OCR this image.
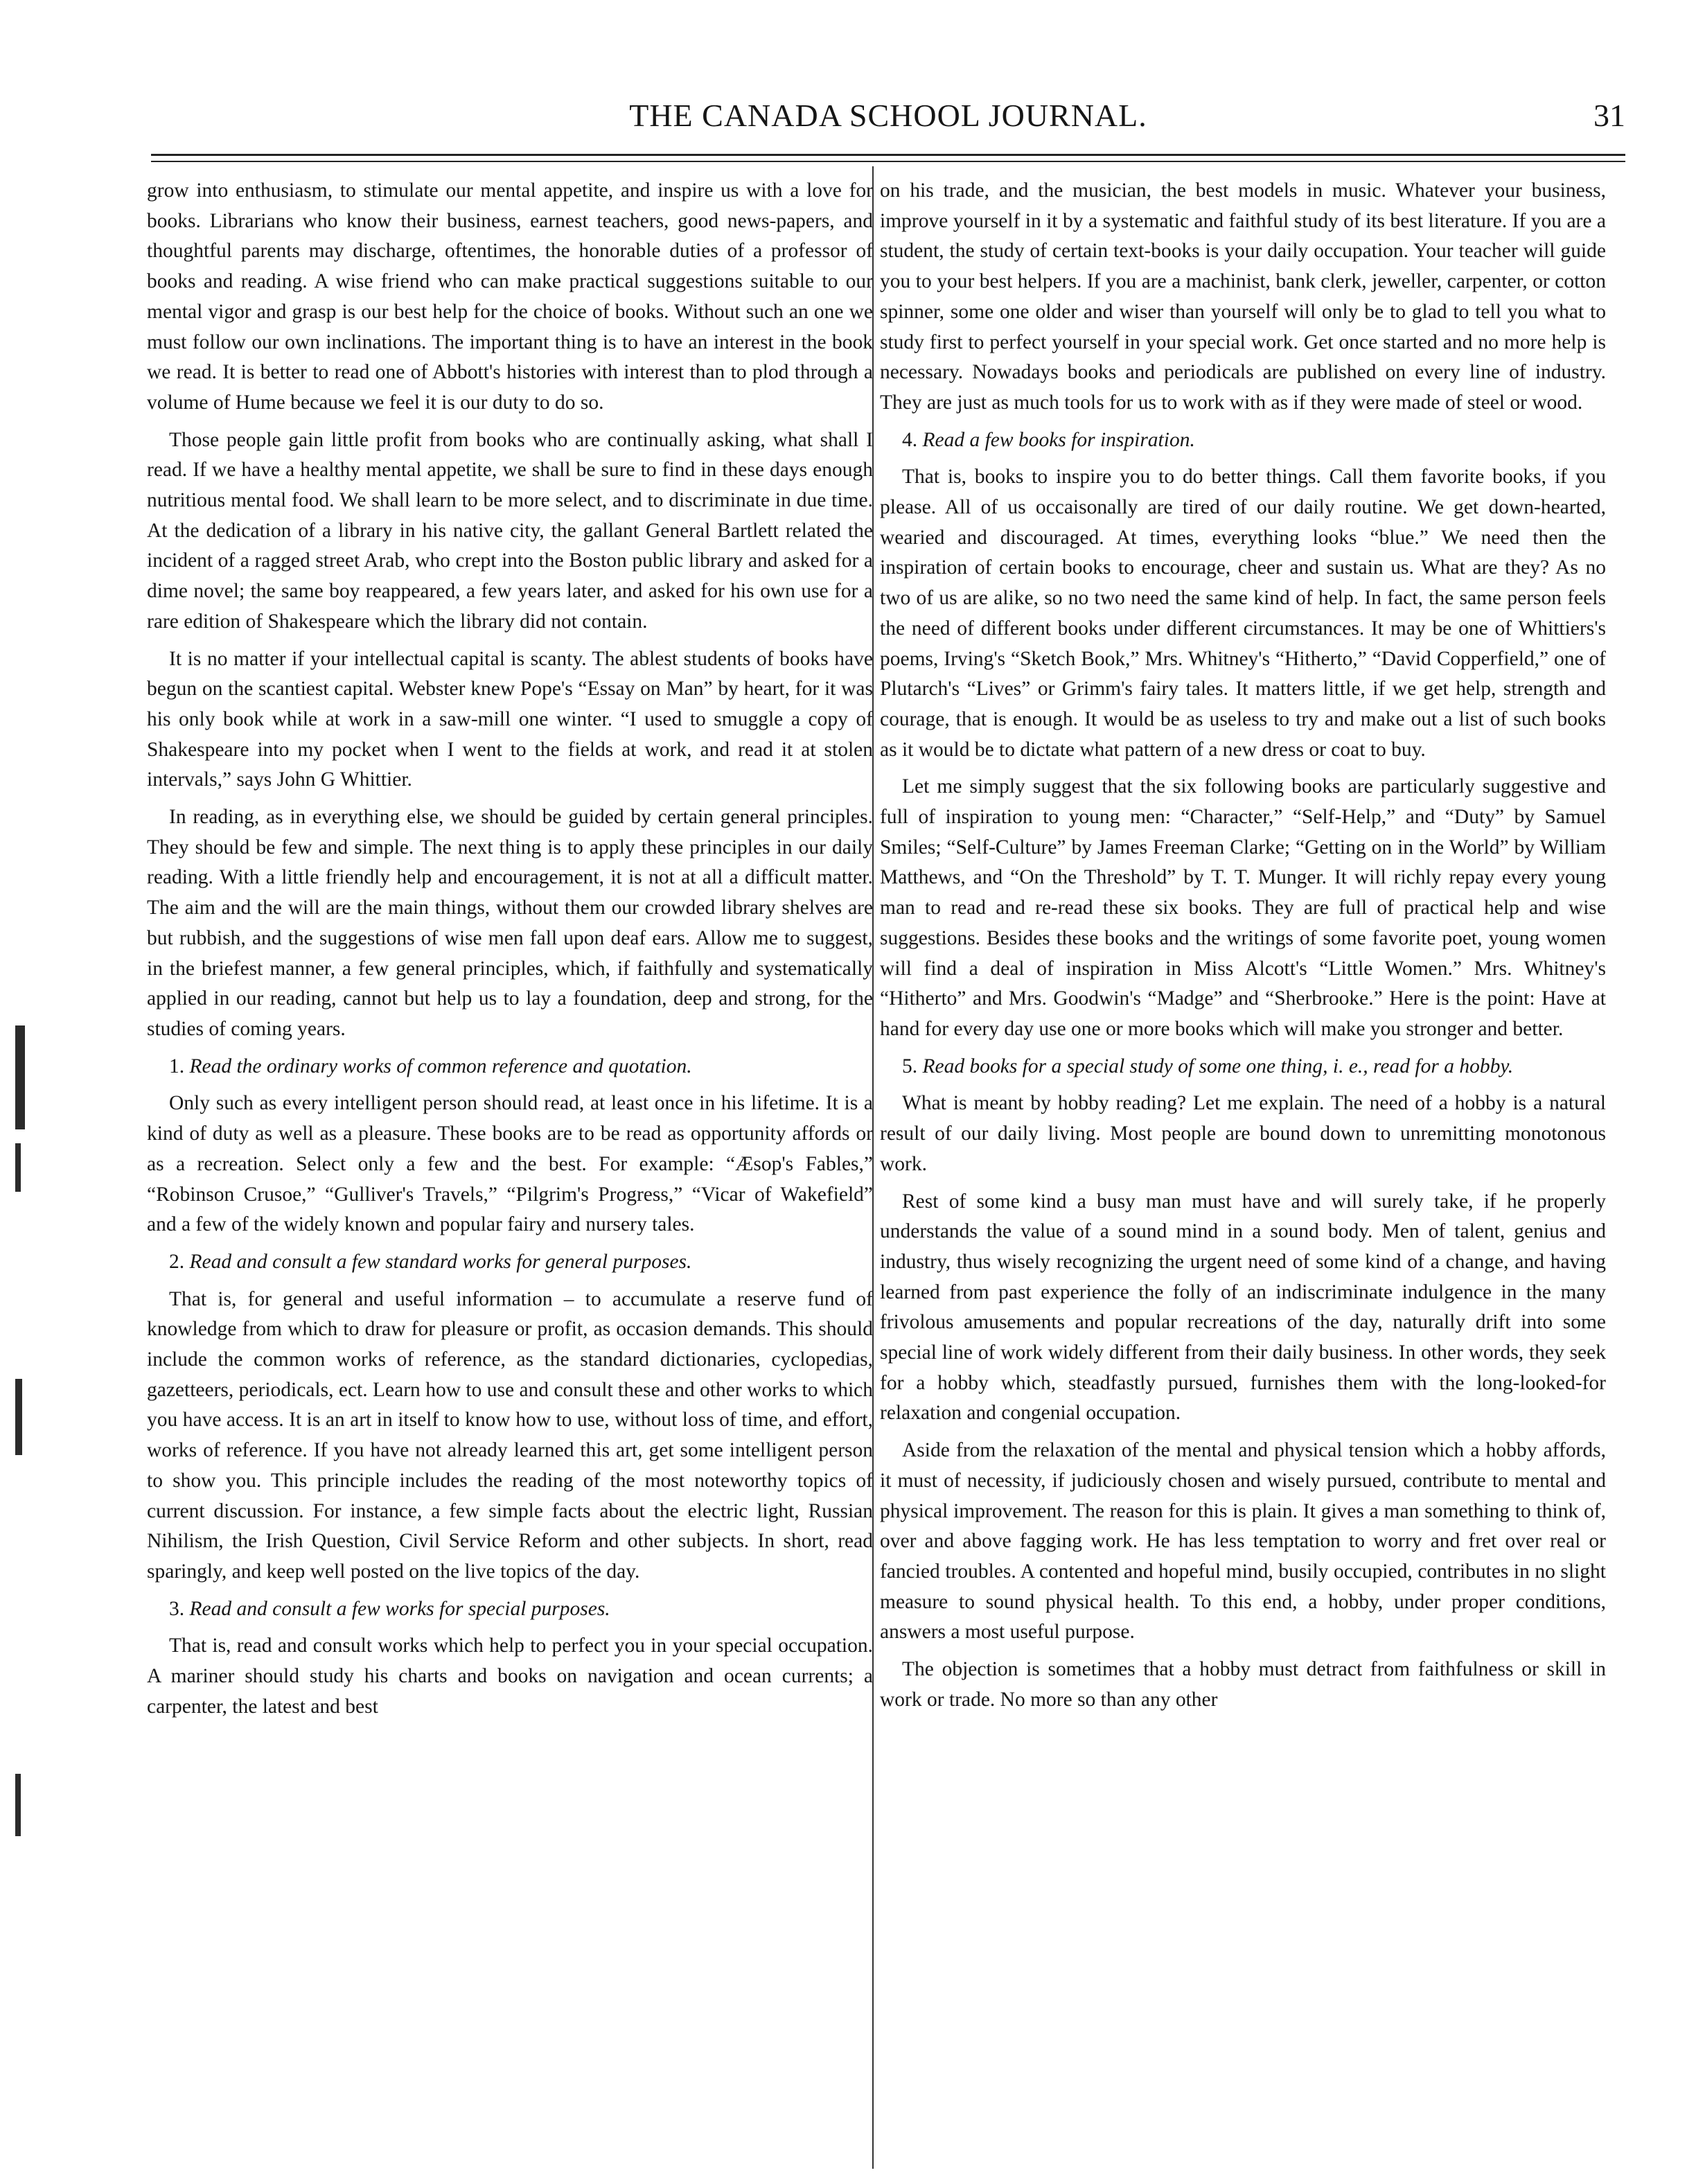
THE CANADA SCHOOL JOURNAL.	31

grow into enthusiasm, to stimulate our mental appetite, and inspire us with a love for books. Librarians who know their business, earnest teachers, good news-papers, and thoughtful parents may discharge, oftentimes, the honorable duties of a professor of books and reading. A wise friend who can make practical suggestions suitable to our mental vigor and grasp is our best help for the choice of books. Without such an one we must follow our own inclinations. The important thing is to have an interest in the book we read. It is better to read one of Abbott's histories with interest than to plod through a volume of Hume because we feel it is our duty to do so.

Those people gain little profit from books who are continually asking, what shall I read. If we have a healthy mental appetite, we shall be sure to find in these days enough nutritious mental food. We shall learn to be more select, and to discriminate in due time. At the dedication of a library in his native city, the gallant General Bartlett related the incident of a ragged street Arab, who crept into the Boston public library and asked for a dime novel; the same boy reappeared, a few years later, and asked for his own use for a rare edition of Shakespeare which the library did not contain.

It is no matter if your intellectual capital is scanty. The ablest students of books have begun on the scantiest capital. Webster knew Pope's “Essay on Man” by heart, for it was his only book while at work in a saw-mill one winter. “I used to smuggle a copy of Shakespeare into my pocket when I went to the fields at work, and read it at stolen intervals,” says John G Whittier.

In reading, as in everything else, we should be guided by certain general principles. They should be few and simple. The next thing is to apply these principles in our daily reading. With a little friendly help and encouragement, it is not at all a difficult matter. The aim and the will are the main things, without them our crowded library shelves are but rubbish, and the suggestions of wise men fall upon deaf ears. Allow me to suggest, in the briefest manner, a few general principles, which, if faithfully and systematically applied in our reading, cannot but help us to lay a foundation, deep and strong, for the studies of coming years.

1. Read the ordinary works of common reference and quotation.

Only such as every intelligent person should read, at least once in his lifetime. It is a kind of duty as well as a pleasure. These books are to be read as opportunity affords or as a recreation. Select only a few and the best. For example: “Æsop's Fables,” “Robinson Crusoe,” “Gulliver's Travels,” “Pilgrim's Progress,” “Vicar of Wakefield” and a few of the widely known and popular fairy and nursery tales.

2. Read and consult a few standard works for general purposes.

That is, for general and useful information – to accumulate a reserve fund of knowledge from which to draw for pleasure or profit, as occasion demands. This should include the common works of reference, as the standard dictionaries, cyclopedias, gazetteers, periodicals, ect. Learn how to use and consult these and other works to which you have access. It is an art in itself to know how to use, without loss of time, and effort, works of reference. If you have not already learned this art, get some intelligent person to show you. This principle includes the reading of the most noteworthy topics of current discussion. For instance, a few simple facts about the electric light, Russian Nihilism, the Irish Question, Civil Service Reform and other subjects. In short, read sparingly, and keep well posted on the live topics of the day.

3. Read and consult a few works for special purposes.

That is, read and consult works which help to perfect you in your special occupation. A mariner should study his charts and books on navigation and ocean currents; a carpenter, the latest and best

on his trade, and the musician, the best models in music. Whatever your business, improve yourself in it by a systematic and faithful study of its best literature. If you are a student, the study of certain text-books is your daily occupation. Your teacher will guide you to your best helpers. If you are a machinist, bank clerk, jeweller, carpenter, or cotton spinner, some one older and wiser than yourself will only be to glad to tell you what to study first to perfect yourself in your special work. Get once started and no more help is necessary. Nowadays books and periodicals are published on every line of industry. They are just as much tools for us to work with as if they were made of steel or wood.

4. Read a few books for inspiration.

That is, books to inspire you to do better things. Call them favorite books, if you please. All of us occaisonally are tired of our daily routine. We get down-hearted, wearied and discouraged. At times, everything looks “blue.” We need then the inspiration of certain books to encourage, cheer and sustain us. What are they? As no two of us are alike, so no two need the same kind of help. In fact, the same person feels the need of different books under different circumstances. It may be one of Whittiers's poems, Irving's “Sketch Book,” Mrs. Whitney's “Hitherto,” “David Copperfield,” one of Plutarch's “Lives” or Grimm's fairy tales. It matters little, if we get help, strength and courage, that is enough. It would be as useless to try and make out a list of such books as it would be to dictate what pattern of a new dress or coat to buy.

Let me simply suggest that the six following books are particularly suggestive and full of inspiration to young men: “Character,” “Self-Help,” and “Duty” by Samuel Smiles; “Self-Culture” by James Freeman Clarke; “Getting on in the World” by William Matthews, and “On the Threshold” by T. T. Munger. It will richly repay every young man to read and re-read these six books. They are full of practical help and wise suggestions. Besides these books and the writings of some favorite poet, young women will find a deal of inspiration in Miss Alcott's “Little Women.” Mrs. Whitney's “Hitherto” and Mrs. Goodwin's “Madge” and “Sherbrooke.” Here is the point: Have at hand for every day use one or more books which will make you stronger and better.

5. Read books for a special study of some one thing, i. e., read for a hobby.

What is meant by hobby reading? Let me explain. The need of a hobby is a natural result of our daily living. Most people are bound down to unremitting monotonous work.

Rest of some kind a busy man must have and will surely take, if he properly understands the value of a sound mind in a sound body. Men of talent, genius and industry, thus wisely recognizing the urgent need of some kind of a change, and having learned from past experience the folly of an indiscriminate indulgence in the many frivolous amusements and popular recreations of the day, naturally drift into some special line of work widely different from their daily business. In other words, they seek for a hobby which, steadfastly pursued, furnishes them with the long-looked-for relaxation and congenial occupation.

Aside from the relaxation of the mental and physical tension which a hobby affords, it must of necessity, if judiciously chosen and wisely pursued, contribute to mental and physical improvement. The reason for this is plain. It gives a man something to think of, over and above fagging work. He has less temptation to worry and fret over real or fancied troubles. A contented and hopeful mind, busily occupied, contributes in no slight measure to sound physical health. To this end, a hobby, under proper conditions, answers a most useful purpose.

The objection is sometimes that a hobby must detract from faithfulness or skill in work or trade. No more so than any other
